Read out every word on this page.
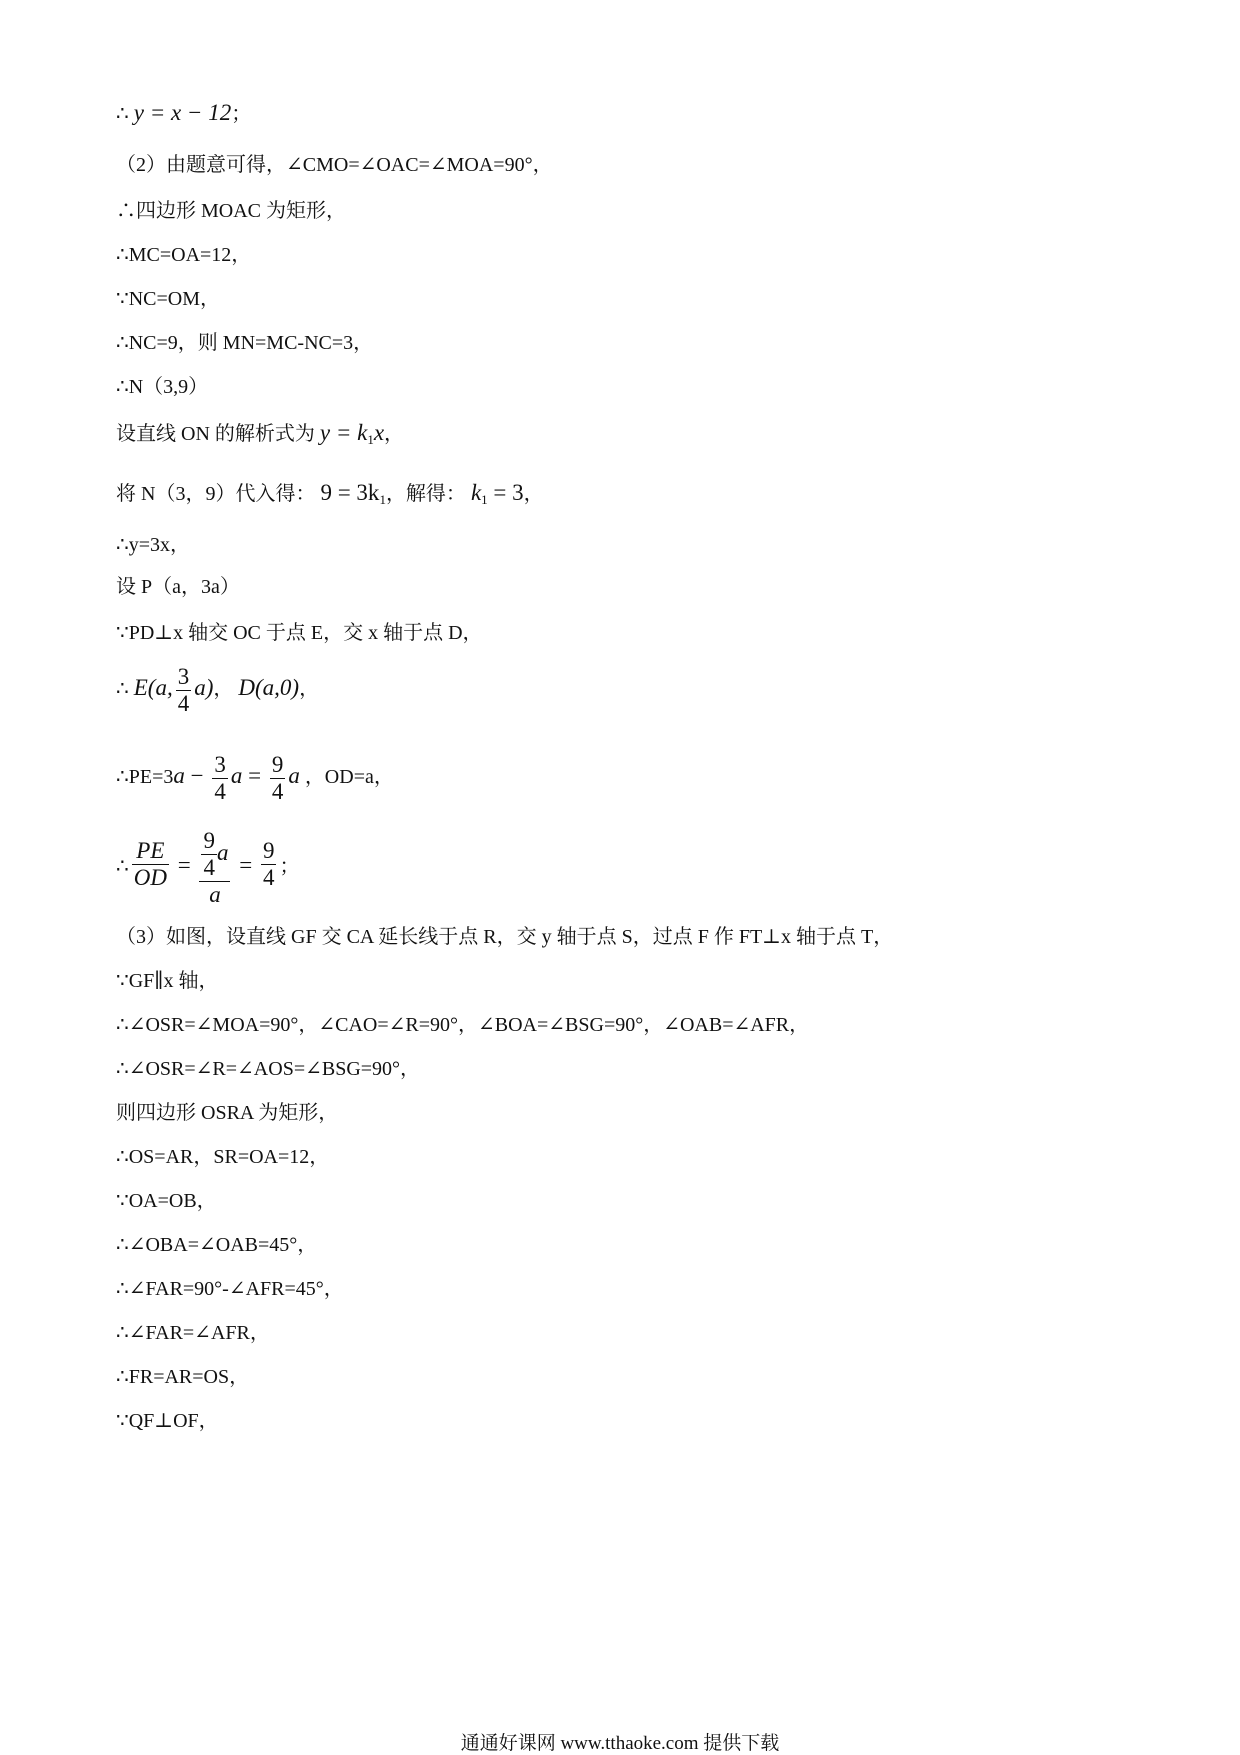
∴ y = x − 12；
（2）由题意可得，∠CMO=∠OAC=∠MOA=90°，
∴四边形 MOAC 为矩形，
∴MC=OA=12，
∵NC=OM，
∴NC=9，则 MN=MC-NC=3，
∴N（3,9）
设直线 ON 的解析式为 $y = k_1x$，
将 N（3，9）代入得： $9 = 3k_1$，解得： $k_1 = 3$，
∴y=3x，
设 P（a，3a）
∵PD⊥x 轴交 OC 于点 E，交 x 轴于点 D，
∴ E(a, $\frac{3}{4} a$)， D(a,0)，
∴PE=3a − $\frac{3}{4}$ $a = \frac{9}{4}$ a ，OD=a，
∴ $\frac{PE}{OD} = \frac{\frac{9}{4} a}{a} = \frac{9}{4}$ ；
（3）如图，设直线 GF 交 CA 延长线于点 R，交 y 轴于点 S，过点 F 作 FT⊥x 轴于点 T，
∵GF∥x 轴，
∴∠OSR=∠MOA=90°，∠CAO=∠R=90°，∠BOA=∠BSG=90°，∠OAB=∠AFR，
∴∠OSR=∠R=∠AOS=∠BSG=90°，
则四边形 OSRA 为矩形，
∴OS=AR，SR=OA=12，
∵OA=OB，
∴∠OBA=∠OAB=45°，
∴∠FAR=90°-∠AFR=45°，
∴∠FAR=∠AFR，
∴FR=AR=OS，
∵QF⊥OF，
通通好课网 www.tthaoke.com 提供下载
